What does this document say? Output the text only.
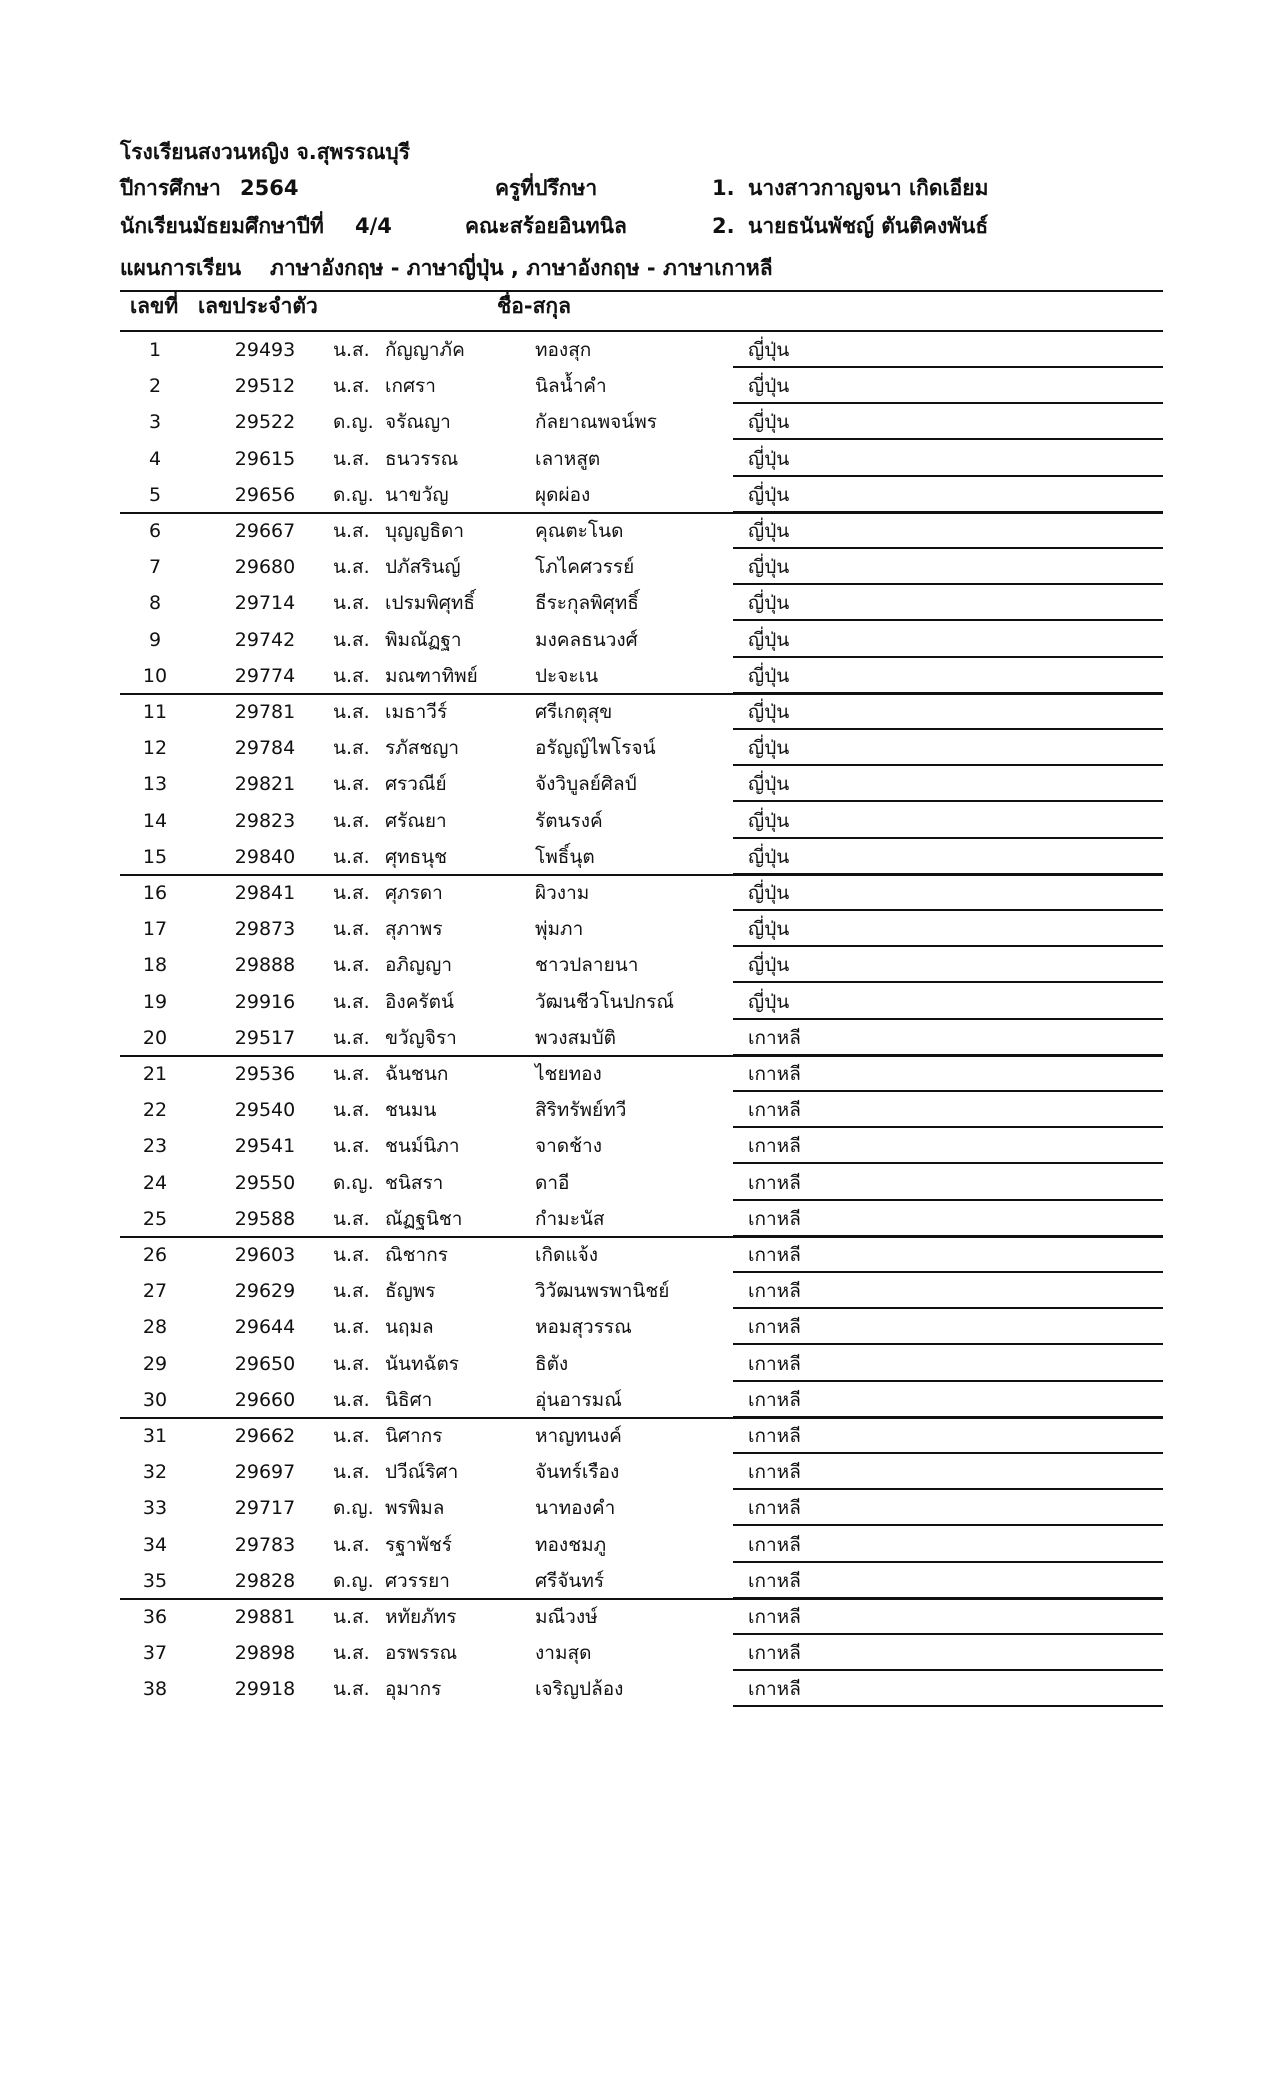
โรงเรียนสงวนหญิง จ.สุพรรณบุรี
ปีการศึกษา 2564	ครูที่ปรึกษา	1. นางสาวกาญจนา เกิดเอียม
นักเรียนมัธยมศึกษาปีที่ 4/4	คณะสร้อยอินทนิล	2. นายธนันพัชญ์ ตันติคงพันธ์
แผนการเรียน ภาษาอังกฤษ - ภาษาญี่ปุ่น , ภาษาอังกฤษ - ภาษาเกาหลี
เลขที่ เลขประจำตัว	ชื่อ-สกุล
1	29493	น.ส. กัญญาภัค	ทองสุก	ญี่ปุ่น
2	29512	น.ส. เกศรา	นิลน้ำคำ	ญี่ปุ่น
3	29522	ด.ญ. จรัณญา	กัลยาณพจน์พร	ญี่ปุ่น
4	29615	น.ส. ธนวรรณ	เลาหสูต	ญี่ปุ่น
5	29656	ด.ญ. นาขวัญ	ผุดผ่อง	ญี่ปุ่น
6	29667	น.ส. บุญญธิดา	คุณตะโนด	ญี่ปุ่น
7	29680	น.ส. ปภัสรินญ์	โภไคศวรรย์	ญี่ปุ่น
8	29714	น.ส. เปรมพิศุทธิ์	ธีระกุลพิศุทธิ์	ญี่ปุ่น
9	29742	น.ส. พิมณัฏฐา	มงคลธนวงศ์	ญี่ปุ่น
10	29774	น.ส. มณฑาทิพย์	ปะจะเน	ญี่ปุ่น
11	29781	น.ส. เมธาวีร์	ศรีเกตุสุข	ญี่ปุ่น
12	29784	น.ส. รภัสชญา	อรัญญ์ไพโรจน์	ญี่ปุ่น
13	29821	น.ส. ศรวณีย์	จังวิบูลย์ศิลป์	ญี่ปุ่น
14	29823	น.ส. ศรัณยา	รัตนรงค์	ญี่ปุ่น
15	29840	น.ส. ศุทธนุช	โพธิ์นุต	ญี่ปุ่น
16	29841	น.ส. ศุภรดา	ผิวงาม	ญี่ปุ่น
17	29873	น.ส. สุภาพร	พุ่มภา	ญี่ปุ่น
18	29888	น.ส. อภิญญา	ชาวปลายนา	ญี่ปุ่น
19	29916	น.ส. อิงครัตน์	วัฒนชีวโนปกรณ์	ญี่ปุ่น
20	29517	น.ส. ขวัญจิรา	พวงสมบัติ	เกาหลี
21	29536	น.ส. ฉันชนก	ไชยทอง	เกาหลี
22	29540	น.ส. ชนมน	สิริทรัพย์ทวี	เกาหลี
23	29541	น.ส. ชนม์นิภา	จาดช้าง	เกาหลี
24	29550	ด.ญ. ชนิสรา	ดาอี	เกาหลี
25	29588	น.ส. ณัฏฐนิชา	กำมะนัส	เกาหลี
26	29603	น.ส. ณิชากร	เกิดแจ้ง	เกาหลี
27	29629	น.ส. ธัญพร	วิวัฒนพรพานิชย์	เกาหลี
28	29644	น.ส. นฤมล	หอมสุวรรณ	เกาหลี
29	29650	น.ส. นันทฉัตร	ธิตัง	เกาหลี
30	29660	น.ส. นิธิศา	อุ่นอารมณ์	เกาหลี
31	29662	น.ส. นิศากร	หาญทนงค์	เกาหลี
32	29697	น.ส. ปวีณ์ริศา	จันทร์เรือง	เกาหลี
33	29717	ด.ญ. พรพิมล	นาทองคำ	เกาหลี
34	29783	น.ส. รฐาพัชร์	ทองชมภู	เกาหลี
35	29828	ด.ญ. ศวรรยา	ศรีจันทร์	เกาหลี
36	29881	น.ส. หทัยภัทร	มณีวงษ์	เกาหลี
37	29898	น.ส. อรพรรณ	งามสุด	เกาหลี
38	29918	น.ส. อุมากร	เจริญปล้อง	เกาหลี
